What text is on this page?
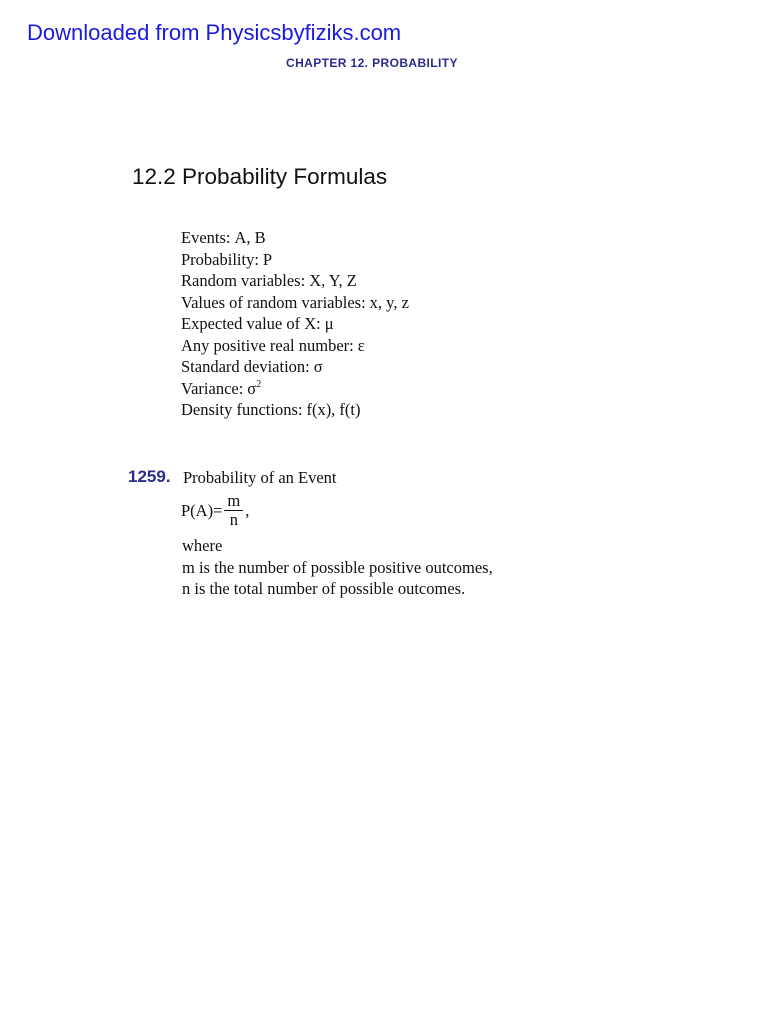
Downloaded from Physicsbyfiziks.com
CHAPTER 12. PROBABILITY
12.2 Probability Formulas
Events: A, B
Probability: P
Random variables: X, Y, Z
Values of random variables: x, y, z
Expected value of X: μ
Any positive real number: ε
Standard deviation: σ
Variance: $\sigma^2$
Density functions: f(x), f(t)
1259. Probability of an Event
$P(A)= \frac{m}{n}$ ,
where
m is the number of possible positive outcomes,
n is the total number of possible outcomes.
